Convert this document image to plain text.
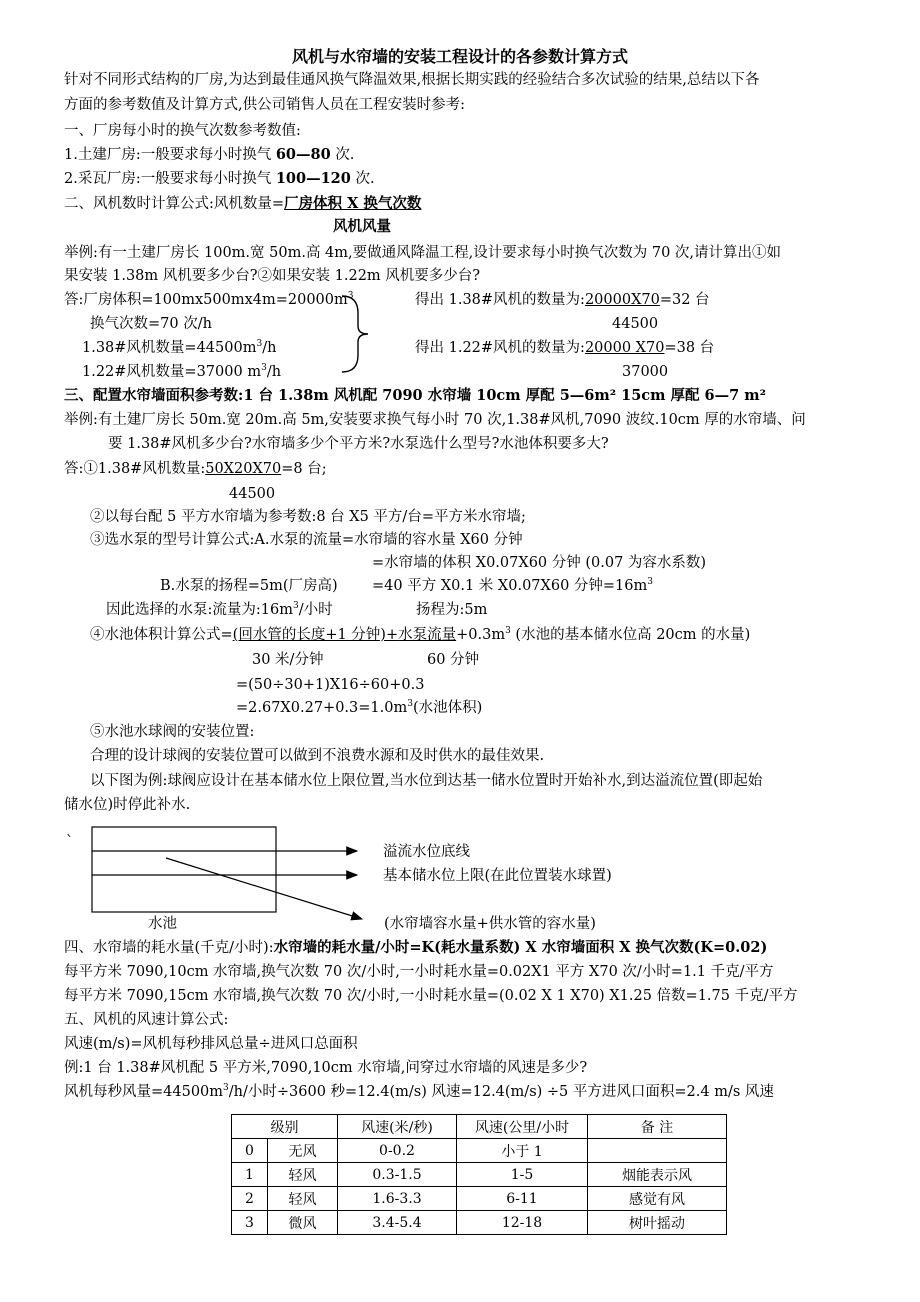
风机与水帘墙的安装工程设计的各参数计算方式
针对不同形式结构的厂房,为达到最佳通风换气降温效果,根据长期实践的经验结合多次试验的结果,总结以下各
方面的参考数值及计算方式,供公司销售人员在工程安装时参考:
一、厂房每小时的换气次数参考数值:
1.土建厂房:一般要求每小时换气 60—80 次.
2.采瓦厂房:一般要求每小时换气 100—120 次.
二、风机数时计算公式:风机数量=厂房体积 X 换气次数
风机风量
举例:有一土建厂房长 100m.宽 50m.高 4m,要做通风降温工程,设计要求每小时换气次数为 70 次,请计算出①如
果安装 1.38m 风机要多少台?②如果安装 1.22m 风机要多少台?
答:厂房体积$=100mx500mx4m=20000m^3$
换气次数=70 次/h
1.38#风机数量$=44500m^3/h$
1.22#风机数量=37000 $m^3/h$
得出 1.38#风机的数量为:20000X70=32 台
44500
得出 1.22#风机的数量为:20000 X70=38 台
37000
三、配置水帘墙面积参考数:1 台 1.38m 风机配 7090 水帘墙 10cm 厚配 5—6m² 15cm 厚配 6—7 m²
举例:有土建厂房长 50m.宽 20m.高 5m,安装要求换气每小时 70 次,1.38#风机,7090 波纹.10cm 厚的水帘墙、问
要 1.38#风机多少台?水帘墙多少个平方米?水泵选什么型号?水池体积要多大?
答:①1.38#风机数量:50X20X70=8 台;
44500
②以每台配 5 平方水帘墙为参考数:8 台 X5 平方/台=平方米水帘墙;
③选水泵的型号计算公式:A.水泵的流量=水帘墙的容水量 X60 分钟
=水帘墙的体积 X0.07X60 分钟 (0.07 为容水系数)
B.水泵的扬程=5m(厂房高) =40 平方 X0.1 米 X0.07X60 分钟$=16m^3$
因此选择的水泵:流量为$:16m^3/$小时	扬程为:5m
④水池体积计算公式=(回水管的长度+1 分钟)+水泵流量$+0.3m^3$ (水池的基本储水位高 20cm 的水量)
30 米/分钟	60 分钟
=(50÷30+1)X16÷60+0.3
$=2.67X0.27+0.3=1.0m^3$(水池体积)
⑤水池水球阀的安装位置:
合理的设计球阀的安装位置可以做到不浪费水源和及时供水的最佳效果.
以下图为例:球阀应设计在基本储水位上限位置,当水位到达基一储水位置时开始补水,到达溢流位置(即起始
储水位)时停此补水.
`
溢流水位底线
基本储水位上限(在此位置装水球置)
水池	(水帘墙容水量+供水管的容水量)
四、水帘墙的耗水量(千克/小时):水帘墙的耗水量/小时=K(耗水量系数) X 水帘墙面积 X 换气次数(K=0.02)
每平方米 7090,10cm 水帘墙,换气次数 70 次/小时,一小时耗水量=0.02X1 平方 X70 次/小时=1.1 千克/平方
每平方米 7090,15cm 水帘墙,换气次数 70 次/小时,一小时耗水量=(0.02 X 1 X70) X1.25 倍数=1.75 千克/平方
五、风机的风速计算公式:
风速(m/s)=风机每秒排风总量÷进风口总面积
例:1 台 1.38#风机配 5 平方米,7090,10cm 水帘墙,问穿过水帘墙的风速是多少?
风机每秒风量$=44500m^3/h/$小时÷3600 秒=12.4(m/s) 风速=12.4(m/s) ÷5 平方进风口面积=2.4 m/s 风速
级别		风速(米/秒)	风速(公里/小时	备 注
0	无风	0-0.2	小于 1	
1	轻风	0.3-1.5	1-5	烟能表示风
2	轻风	1.6-3.3	6-11	感觉有风
3	微风	3.4-5.4	12-18	树叶摇动
